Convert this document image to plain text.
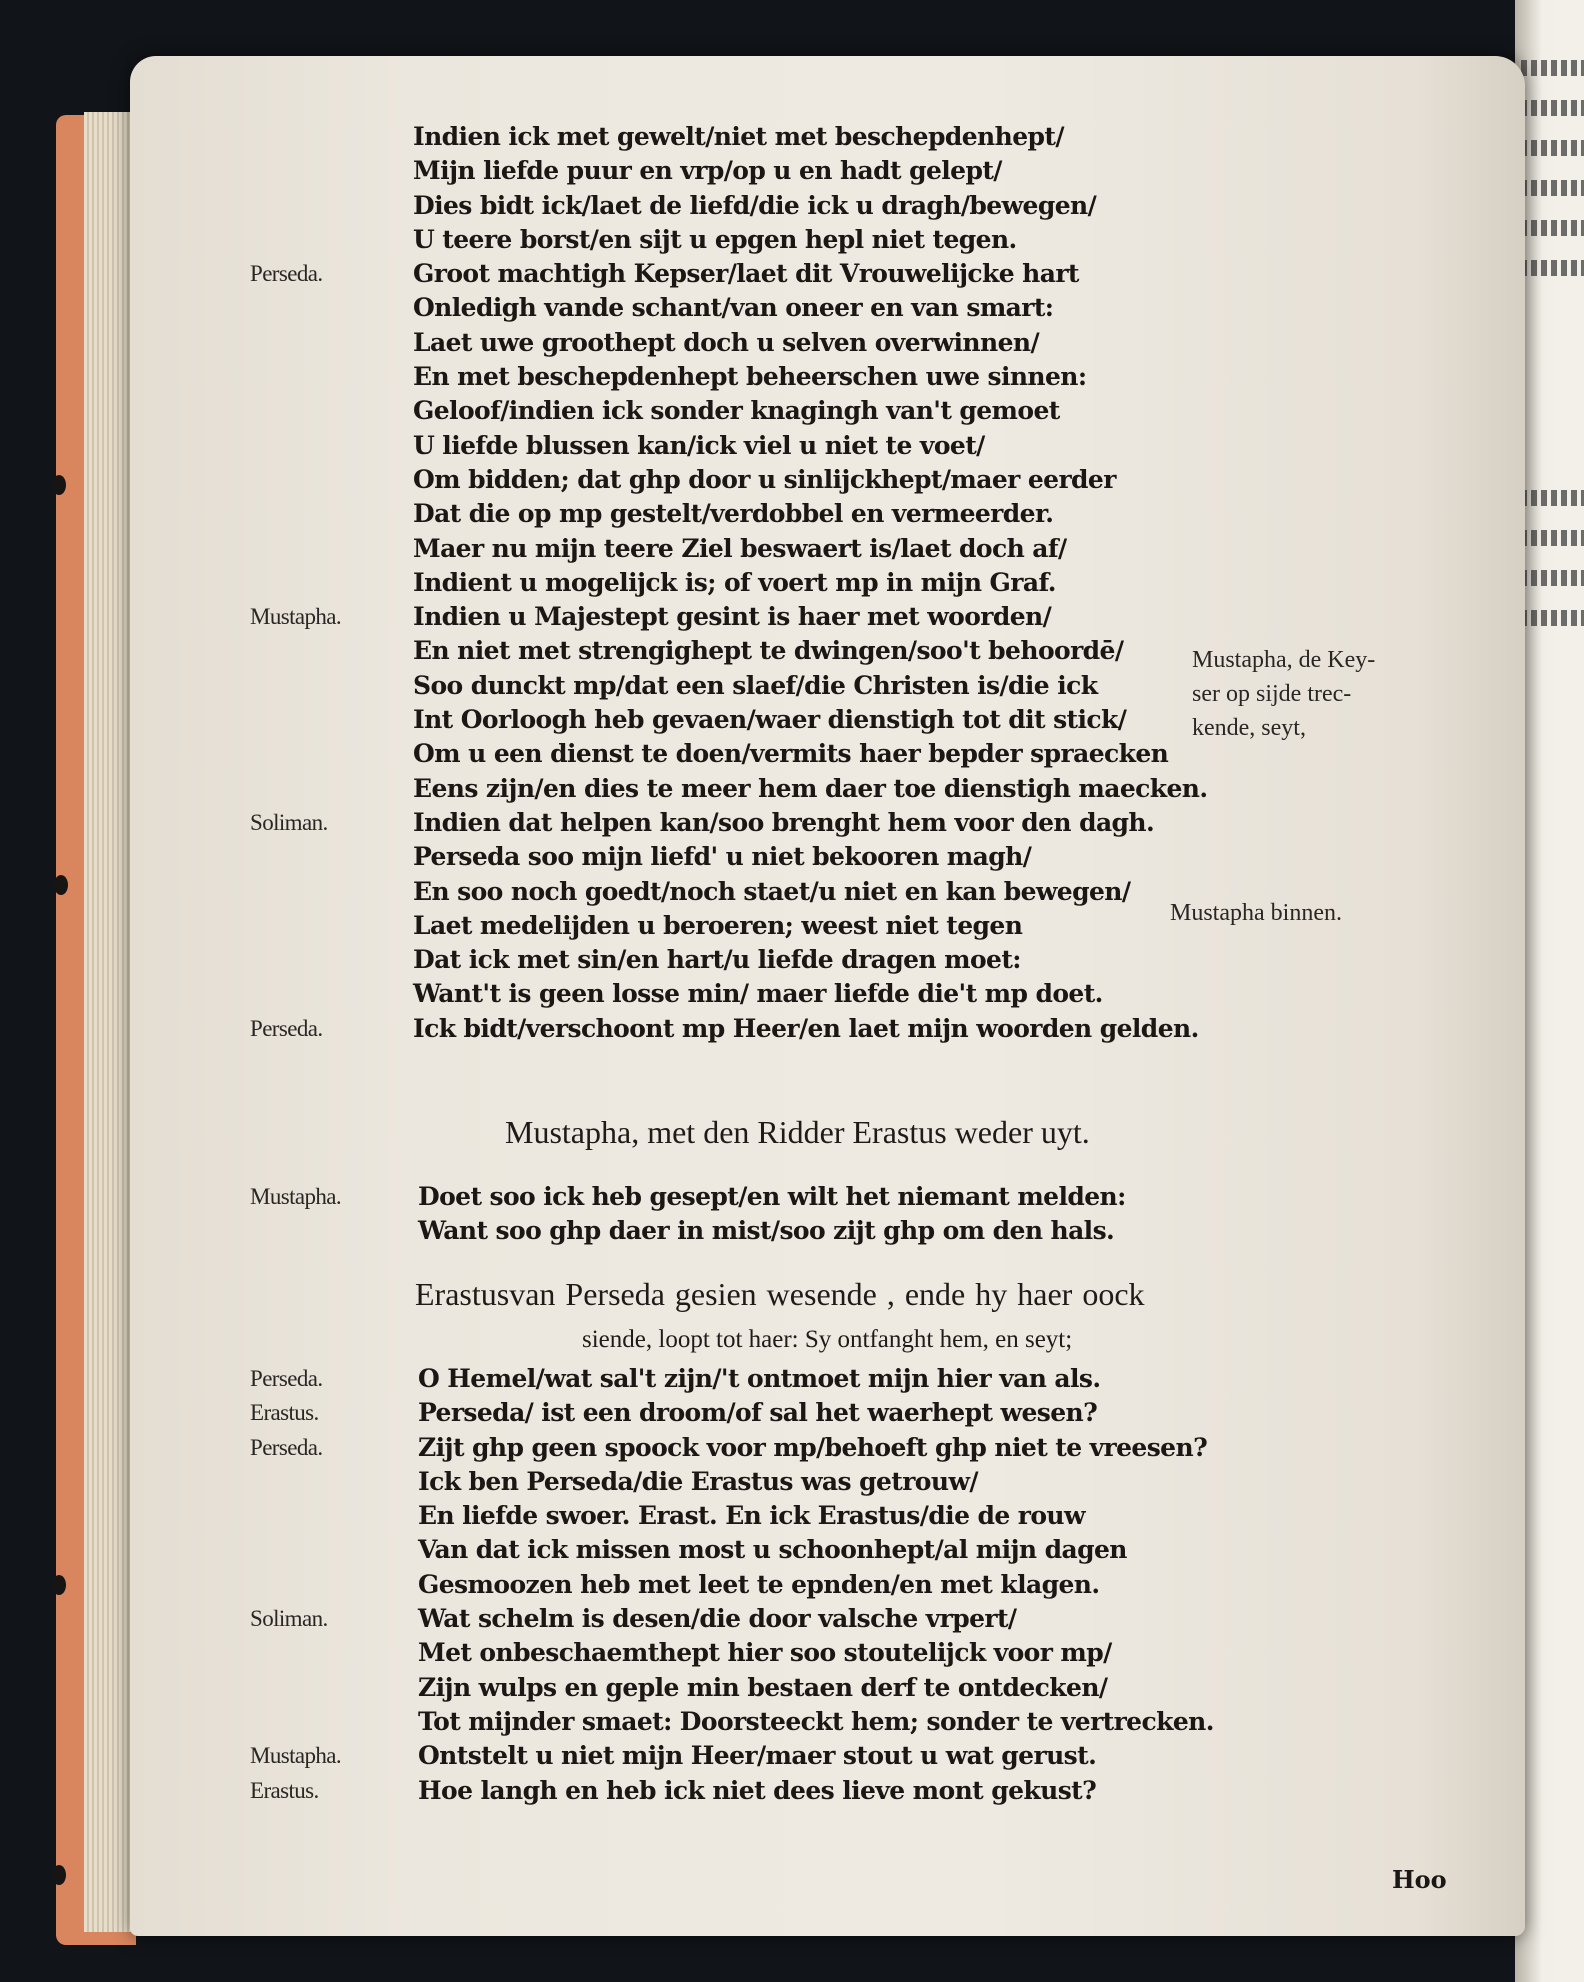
Indien ick met gewelt/niet met beschepdenhept/
Mijn liefde puur en vrp/op u en hadt gelept/
Dies bidt ick/laet de liefd/die ick u dragh/bewegen/
U teere borst/en sijt u epgen hepl niet tegen.
Perseda.	Groot machtigh Kepser/laet dit Vrouwelijcke hart
Onledigh vande schant/van oneer en van smart:
Laet uwe groothept doch u selven overwinnen/
En met beschepdenhept beheerschen uwe sinnen:
Geloof/indien ick sonder knagingh van't gemoet
U liefde blussen kan/ick viel u niet te voet/
Om bidden; dat ghp door u sinlijckhept/maer eerder
Dat die op mp gestelt/verdobbel en vermeerder.
Maer nu mijn teere Ziel beswaert is/laet doch af/
Indient u mogelijck is; of voert mp in mijn Graf.
Mustapha.	Indien u Majestept gesint is haer met woorden/
En niet met strengighept te dwingen/soo't behoordē/
Soo dunckt mp/dat een slaef/die Christen is/die ick
Int Oorloogh heb gevaen/waer dienstigh tot dit stick/
Om u een dienst te doen/vermits haer bepder spraecken
Eens zijn/en dies te meer hem daer toe dienstigh maecken.
Soliman.	Indien dat helpen kan/soo brenght hem voor den dagh.
Perseda soo mijn liefd' u niet bekooren magh/
En soo noch goedt/noch staet/u niet en kan bewegen/
Laet medelijden u beroeren; weest niet tegen
Dat ick met sin/en hart/u liefde dragen moet:
Want't is geen losse min/ maer liefde die't mp doet.
Perseda.	Ick bidt/verschoont mp Heer/en laet mijn woorden gelden.
Mustapha, de Key-
ser op sijde trec-
kende, seyt,
Mustapha binnen.
Mustapha, met den Ridder Erastus weder uyt.
Mustapha.	Doet soo ick heb gesept/en wilt het niemant melden:
Want soo ghp daer in mist/soo zijt ghp om den hals.
Erastusvan Perseda gesien wesende , ende hy haer oock
siende, loopt tot haer: Sy ontfanght hem, en seyt;
Perseda.	O Hemel/wat sal't zijn/'t ontmoet mijn hier van als.
Erastus.	Perseda/ ist een droom/of sal het waerhept wesen?
Perseda.	Zijt ghp geen spoock voor mp/behoeft ghp niet te vreesen?
Ick ben Perseda/die Erastus was getrouw/
En liefde swoer. Erast. En ick Erastus/die de rouw
Van dat ick missen most u schoonhept/al mijn dagen
Gesmoozen heb met leet te epnden/en met klagen.
Soliman.	Wat schelm is desen/die door valsche vrpert/
Met onbeschaemthept hier soo stoutelijck voor mp/
Zijn wulps en geple min bestaen derf te ontdecken/
Tot mijnder smaet: Doorsteeckt hem; sonder te vertrecken.
Mustapha.	Ontstelt u niet mijn Heer/maer stout u wat gerust.
Erastus.	Hoe langh en heb ick niet dees lieve mont gekust?
Hoo
